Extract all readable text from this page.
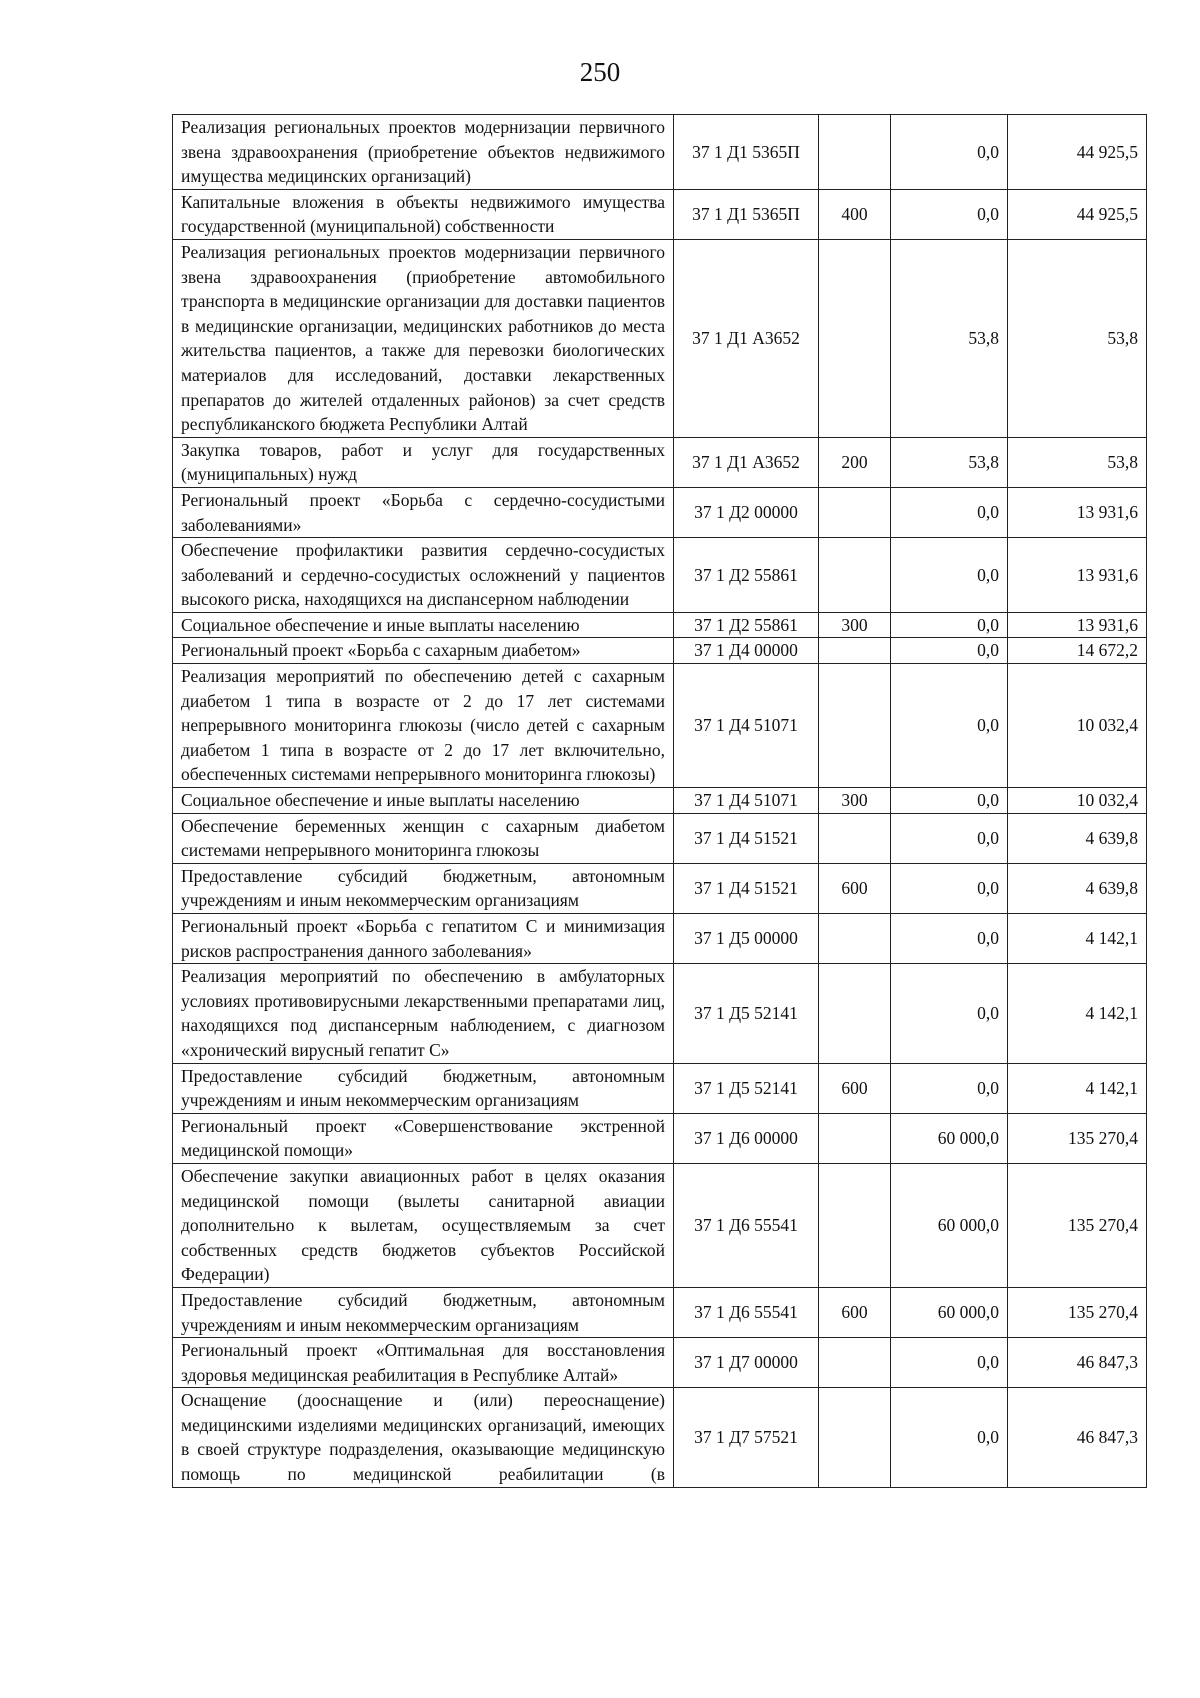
250
Реализация региональных проектов модернизации первичного звена здравоохранения (приобретение объектов недвижимого имущества медицинских организаций)	37 1 Д1 5365П		0,0	44 925,5
Капитальные вложения в объекты недвижимого имущества государственной (муниципальной) собственности	37 1 Д1 5365П	400	0,0	44 925,5
Реализация региональных проектов модернизации первичного звена здравоохранения (приобретение автомобильного транспорта в медицинские организации для доставки пациентов в медицинские организации, медицинских работников до места жительства пациентов, а также для перевозки биологических материалов для исследований, доставки лекарственных препаратов до жителей отдаленных районов) за счет средств республиканского бюджета Республики Алтай	37 1 Д1 А3652		53,8	53,8
Закупка товаров, работ и услуг для государственных (муниципальных) нужд	37 1 Д1 А3652	200	53,8	53,8
Региональный проект «Борьба с сердечно-сосудистыми заболеваниями»	37 1 Д2 00000		0,0	13 931,6
Обеспечение профилактики развития сердечно-сосудистых заболеваний и сердечно-сосудистых осложнений у пациентов высокого риска, находящихся на диспансерном наблюдении	37 1 Д2 55861		0,0	13 931,6
Социальное обеспечение и иные выплаты населению	37 1 Д2 55861	300	0,0	13 931,6
Региональный проект «Борьба с сахарным диабетом»	37 1 Д4 00000		0,0	14 672,2
Реализация мероприятий по обеспечению детей с сахарным диабетом 1 типа в возрасте от 2 до 17 лет системами непрерывного мониторинга глюкозы (число детей с сахарным диабетом 1 типа в возрасте от 2 до 17 лет включительно, обеспеченных системами непрерывного мониторинга глюкозы)	37 1 Д4 51071		0,0	10 032,4
Социальное обеспечение и иные выплаты населению	37 1 Д4 51071	300	0,0	10 032,4
Обеспечение беременных женщин с сахарным диабетом системами непрерывного мониторинга глюкозы	37 1 Д4 51521		0,0	4 639,8
Предоставление субсидий бюджетным, автономным учреждениям и иным некоммерческим организациям	37 1 Д4 51521	600	0,0	4 639,8
Региональный проект «Борьба с гепатитом С и минимизация рисков распространения данного заболевания»	37 1 Д5 00000		0,0	4 142,1
Реализация мероприятий по обеспечению в амбулаторных условиях противовирусными лекарственными препаратами лиц, находящихся под диспансерным наблюдением, с диагнозом «хронический вирусный гепатит С»	37 1 Д5 52141		0,0	4 142,1
Предоставление субсидий бюджетным, автономным учреждениям и иным некоммерческим организациям	37 1 Д5 52141	600	0,0	4 142,1
Региональный проект «Совершенствование экстренной медицинской помощи»	37 1 Д6 00000		60 000,0	135 270,4
Обеспечение закупки авиационных работ в целях оказания медицинской помощи (вылеты санитарной авиации дополнительно к вылетам, осуществляемым за счет собственных средств бюджетов субъектов Российской Федерации)	37 1 Д6 55541		60 000,0	135 270,4
Предоставление субсидий бюджетным, автономным учреждениям и иным некоммерческим организациям	37 1 Д6 55541	600	60 000,0	135 270,4
Региональный проект «Оптимальная для восстановления здоровья медицинская реабилитация в Республике Алтай»	37 1 Д7 00000		0,0	46 847,3
Оснащение (дооснащение и (или) переоснащение) медицинскими изделиями медицинских организаций, имеющих в своей структуре подразделения, оказывающие медицинскую помощь по медицинской реабилитации (в	37 1 Д7 57521		0,0	46 847,3
